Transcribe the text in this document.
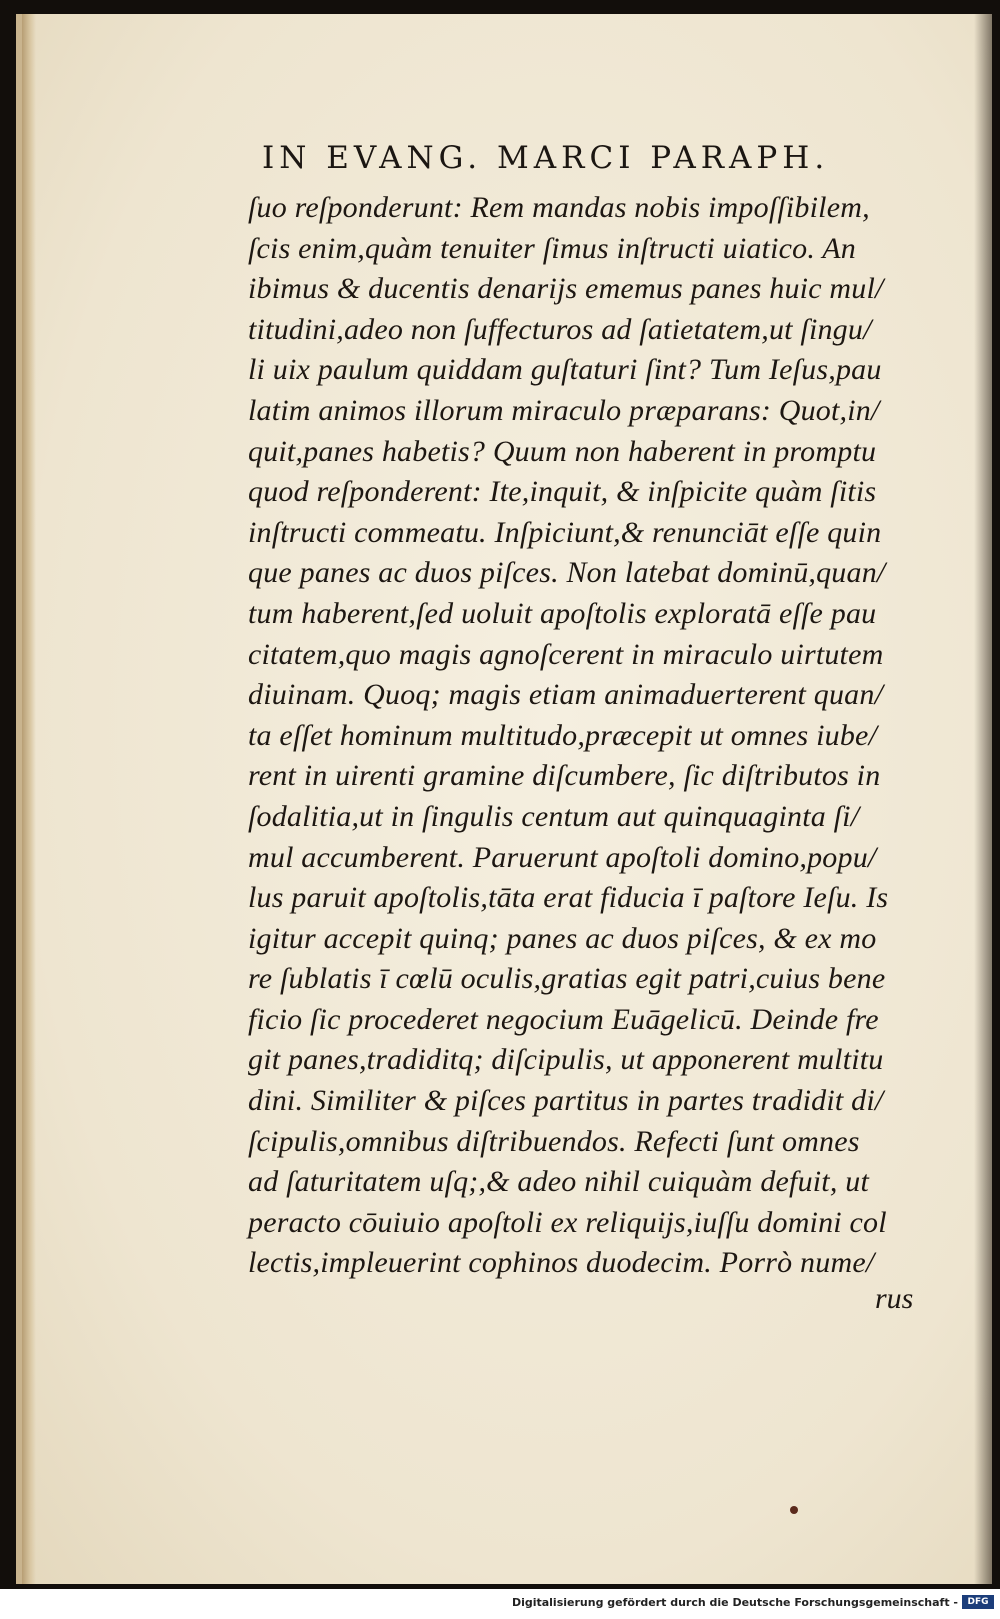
IN EVANG. MARCI PARAPH.
ſuo reſponderunt: Rem mandas nobis impoſſibilem,
ſcis enim,quàm tenuiter ſimus inſtructi uiatico. An
ibimus & ducentis denarijs ememus panes huic mul/
titudini,adeo non ſuffecturos ad ſatietatem,ut ſingu/
li uix paulum quiddam guſtaturi ſint? Tum Ieſus,pau
latim animos illorum miraculo præparans: Quot,in/
quit,panes habetis? Quum non haberent in promptu
quod reſponderent: Ite,inquit, & inſpicite quàm ſitis
inſtructi commeatu. Inſpiciunt,& renunciāt eſſe quin
que panes ac duos piſces. Non latebat dominū,quan/
tum haberent,ſed uoluit apoſtolis exploratā eſſe pau
citatem,quo magis agnoſcerent in miraculo uirtutem
diuinam. Quoq; magis etiam animaduerterent quan/
ta eſſet hominum multitudo,præcepit ut omnes iube/
rent in uirenti gramine diſcumbere, ſic diſtributos in
ſodalitia,ut in ſingulis centum aut quinquaginta ſi/
mul accumberent. Paruerunt apoſtoli domino,popu/
lus paruit apoſtolis,tāta erat fiducia ī paſtore Ieſu. Is
igitur accepit quinq; panes ac duos piſces, & ex mo
re ſublatis ī cœlū oculis,gratias egit patri,cuius bene
ficio ſic procederet negocium Euāgelicū. Deinde fre
git panes,tradiditq; diſcipulis, ut apponerent multitu
dini. Similiter & piſces partitus in partes tradidit di/
ſcipulis,omnibus diſtribuendos. Refecti ſunt omnes
ad ſaturitatem uſq;,& adeo nihil cuiquàm defuit, ut
peracto cōuiuio apoſtoli ex reliquijs,iuſſu domini col
lectis,impleuerint cophinos duodecim. Porrò nume/
rus
Digitalisierung gefördert durch die Deutsche Forschungsgemeinschaft -	DFG
